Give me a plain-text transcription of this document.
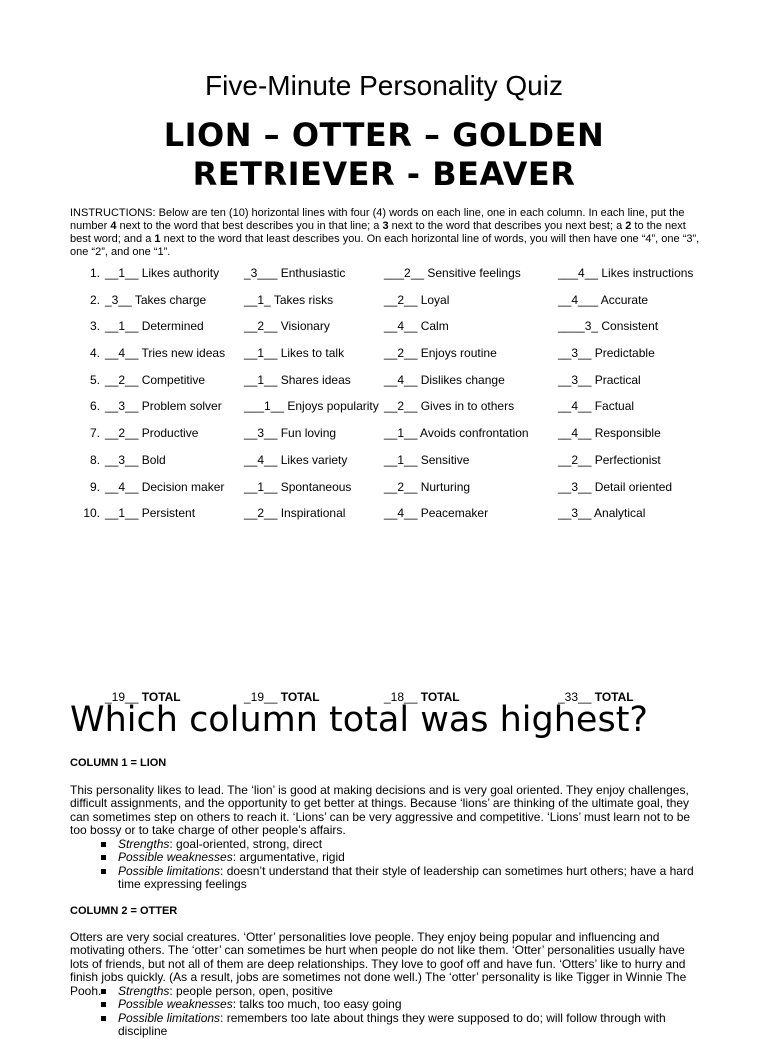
Five-Minute Personality Quiz
LION – OTTER – GOLDEN
RETRIEVER - BEAVER
INSTRUCTIONS: Below are ten (10) horizontal lines with four (4) words on each line, one in each column. In each line, put the number 4 next to the word that best describes you in that line; a 3 next to the word that describes you next best; a 2 to the next best word; and a 1 next to the word that least describes you. On each horizontal line of words, you will then have one “4”, one “3”, one “2”, and one “1”.
1. __1__ Likes authority _3___ Enthusiastic	___2__ Sensitive feelings	___4__ Likes instructions
2. _3__ Takes charge	__1_ Takes risks	__2__ Loyal	__4___ Accurate
3. __1__ Determined	__2__ Visionary	__4__ Calm	____3_ Consistent
4. __4__ Tries new ideas __1__ Likes to talk	__2__ Enjoys routine	__3__ Predictable
5. __2__ Competitive	__1__ Shares ideas	__4__ Dislikes change	__3__ Practical
6. __3__ Problem solver ___1__ Enjoys popularity __2__ Gives in to others	__4__ Factual
7. __2__ Productive	__3__ Fun loving	__1__ Avoids confrontation __4__ Responsible
8. __3__ Bold	__4__ Likes variety	__1__ Sensitive	__2__ Perfectionist
9. __4__ Decision maker __1__ Spontaneous	__2__ Nurturing	__3__ Detail oriented
10. __1__ Persistent	__2__ Inspirational	__4__ Peacemaker	__3__ Analytical
_19__ TOTAL	_19__ TOTAL	_18__ TOTAL	_33__ TOTAL
Which column total was highest?
COLUMN 1 = LION
This personality likes to lead. The ‘lion’ is good at making decisions and is very goal oriented. They enjoy challenges, difficult assignments, and the opportunity to get better at things. Because ‘lions’ are thinking of the ultimate goal, they can sometimes step on others to reach it. ‘Lions’ can be very aggressive and competitive. ‘Lions’ must learn not to be too bossy or to take charge of other people’s affairs.
Strengths: goal-oriented, strong, direct
Possible weaknesses: argumentative, rigid
Possible limitations: doesn’t understand that their style of leadership can sometimes hurt others; have a hard time expressing feelings
COLUMN 2 = OTTER
Otters are very social creatures. ‘Otter’ personalities love people. They enjoy being popular and influencing and motivating others. The ‘otter’ can sometimes be hurt when people do not like them. ‘Otter’ personalities usually have lots of friends, but not all of them are deep relationships. They love to goof off and have fun. ‘Otters’ like to hurry and finish jobs quickly. (As a result, jobs are sometimes not done well.) The ‘otter’ personality is like Tigger in Winnie The Pooh.	Strengths: people person, open, positive
Possible weaknesses: talks too much, too easy going
Possible limitations: remembers too late about things they were supposed to do; will follow through with discipline
